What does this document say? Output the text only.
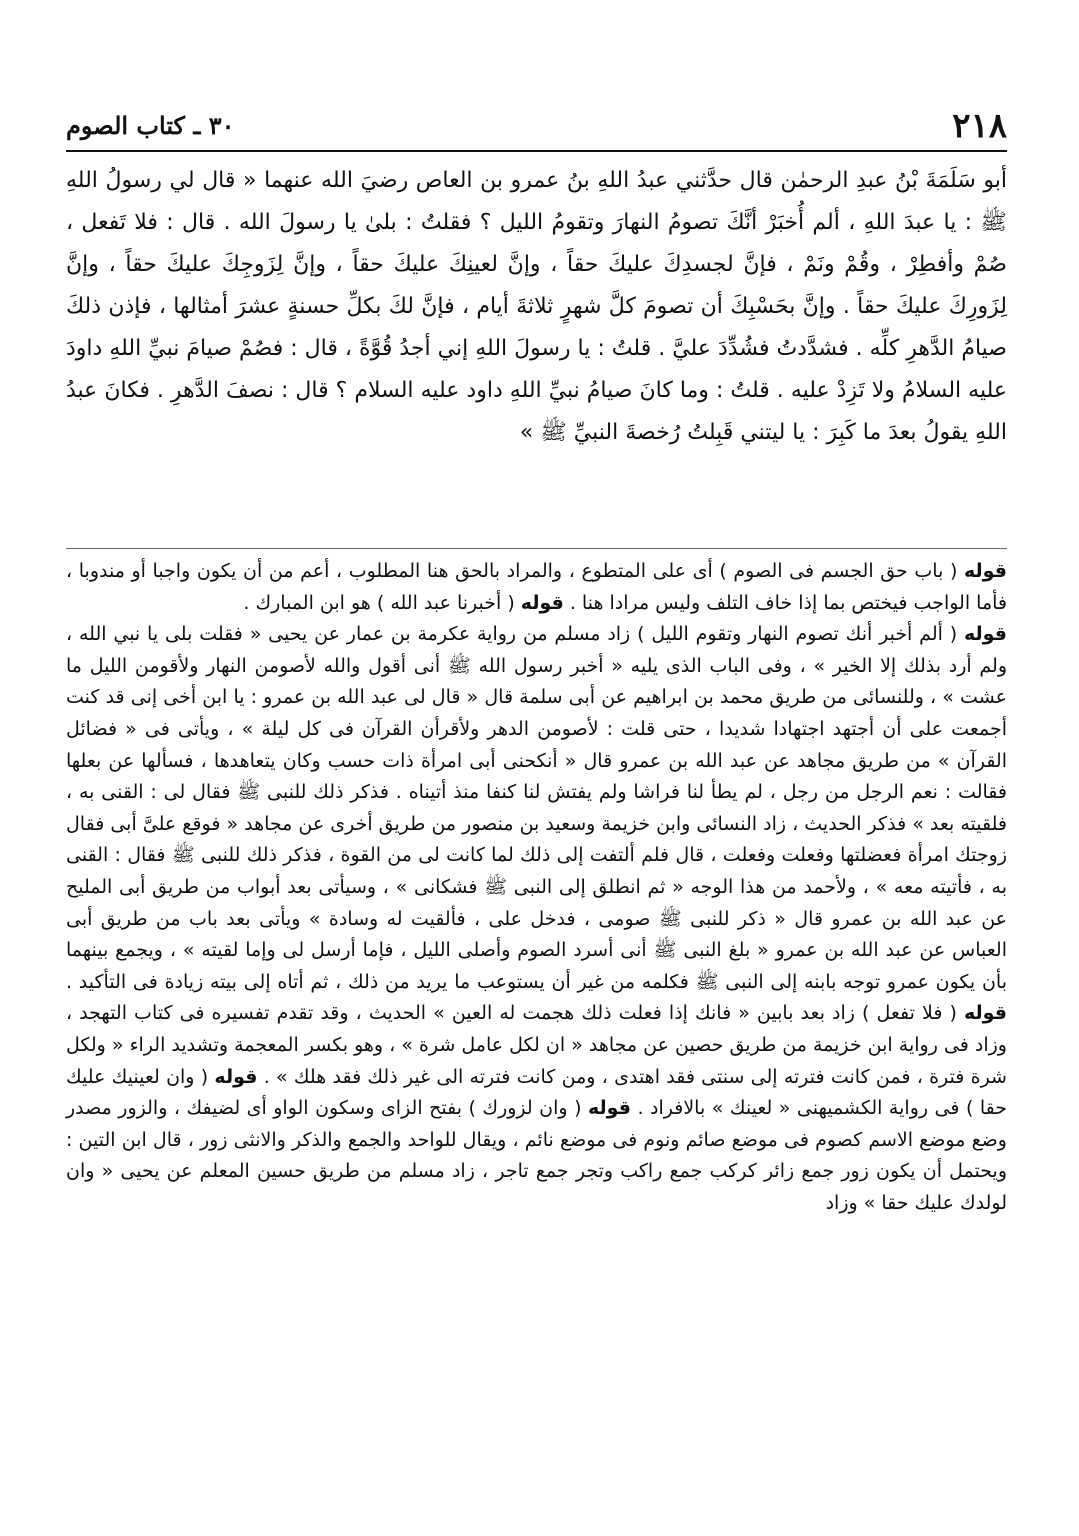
٢١٨
٣٠ ـ كتاب الصوم

أبو سَلَمَةَ بْنُ عبدِ الرحمٰن قال حدَّثني عبدُ اللهِ بنُ عمرو بن العاص رضيَ الله عنهما « قال لي رسولُ اللهِ ﷺ : يا عبدَ اللهِ ، ألم أُخبَرْ أنَّكَ تصومُ النهارَ وتقومُ الليل ؟ فقلتُ : بلىٰ يا رسولَ الله . قال : فلا تَفعل ، صُمْ وأفطِرْ ، وقُمْ ونَمْ ، فإنَّ لجسدِكَ عليكَ حقاً ، وإنَّ لعينِكَ عليكَ حقاً ، وإنَّ لِزَوجِكَ عليكَ حقاً ، وإنَّ لِزَورِكَ عليكَ حقاً . وإنَّ بحَسْبِكَ أن تصومَ كلَّ شهرٍ ثلاثةَ أيام ، فإنَّ لكَ بكلِّ حسنةٍ عشرَ أمثالها ، فإذن ذلكَ صيامُ الدَّهرِ كلِّه . فشدَّدتُ فشُدِّدَ عليَّ . قلتُ : يا رسولَ اللهِ إني أجدُ قُوَّةً ، قال : فصُمْ صيامَ نبيِّ اللهِ داودَ عليه السلامُ ولا تَزِدْ عليه . قلتُ : وما كانَ صيامُ نبيِّ اللهِ داود عليه السلام ؟ قال : نصفَ الدَّهرِ . فكانَ عبدُ اللهِ يقولُ بعدَ ما كَبِرَ : يا ليتني قَبِلتُ رُخصةَ النبيِّ ﷺ »

قوله ( باب حق الجسم فى الصوم ) أى على المتطوع ، والمراد بالحق هنا المطلوب ، أعم من أن يكون واجبا أو مندوبا ، فأما الواجب فيختص بما إذا خاف التلف وليس مرادا هنا . قوله ( أخبرنا عبد الله ) هو ابن المبارك .

قوله ( ألم أخبر أنك تصوم النهار وتقوم الليل ) زاد مسلم من رواية عكرمة بن عمار عن يحيى « فقلت بلى يا نبي الله ، ولم أرد بذلك إلا الخير » ، وفى الباب الذى يليه « أخبر رسول الله ﷺ أنى أقول والله لأصومن النهار ولأقومن الليل ما عشت » ، وللنسائى من طريق محمد بن ابراهيم عن أبى سلمة قال « قال لى عبد الله بن عمرو : يا ابن أخى إنى قد كنت أجمعت على أن أجتهد اجتهادا شديدا ، حتى قلت : لأصومن الدهر ولأقرأن القرآن فى كل ليلة » ، ويأتى فى « فضائل القرآن » من طريق مجاهد عن عبد الله بن عمرو قال « أنكحنى أبى امرأة ذات حسب وكان يتعاهدها ، فسألها عن بعلها فقالت : نعم الرجل من رجل ، لم يطأ لنا فراشا ولم يفتش لنا كنفا منذ أتيناه . فذكر ذلك للنبى ﷺ فقال لى : القنى به ، فلقيته بعد » فذكر الحديث ، زاد النسائى وابن خزيمة وسعيد بن منصور من طريق أخرى عن مجاهد « فوقع علىَّ أبى فقال زوجتك امرأة فعضلتها وفعلت وفعلت ، قال فلم ألتفت إلى ذلك لما كانت لى من القوة ، فذكر ذلك للنبى ﷺ فقال : القنى به ، فأتيته معه » ، ولأحمد من هذا الوجه « ثم انطلق إلى النبى ﷺ فشكانى » ، وسيأتى بعد أبواب من طريق أبى المليح عن عبد الله بن عمرو قال « ذكر للنبى ﷺ صومى ، فدخل على ، فألقيت له وسادة » ويأتى بعد باب من طريق أبى العباس عن عبد الله بن عمرو « بلغ النبى ﷺ أنى أسرد الصوم وأصلى الليل ، فإما أرسل لى وإما لقيته » ، ويجمع بينهما بأن يكون عمرو توجه بابنه إلى النبى ﷺ فكلمه من غير أن يستوعب ما يريد من ذلك ، ثم أتاه إلى بيته زيادة فى التأكيد . قوله ( فلا تفعل ) زاد بعد بابين « فانك إذا فعلت ذلك هجمت له العين » الحديث ، وقد تقدم تفسيره فى كتاب التهجد ، وزاد فى رواية ابن خزيمة من طريق حصين عن مجاهد « ان لكل عامل شرة » ، وهو بكسر المعجمة وتشديد الراء « ولكل شرة فترة ، فمن كانت فترته إلى سنتى فقد اهتدى ، ومن كانت فترته الى غير ذلك فقد هلك » . قوله ( وان لعينيك عليك حقا ) فى رواية الكشميهنى « لعينك » بالافراد . قوله ( وان لزورك ) بفتح الزاى وسكون الواو أى لضيفك ، والزور مصدر وضع موضع الاسم كصوم فى موضع صائم ونوم فى موضع نائم ، ويقال للواحد والجمع والذكر والانثى زور ، قال ابن التين : ويحتمل أن يكون زور جمع زائر كركب جمع راكب وتجر جمع تاجر ، زاد مسلم من طريق حسين المعلم عن يحيى « وان لولدك عليك حقا » وزاد
